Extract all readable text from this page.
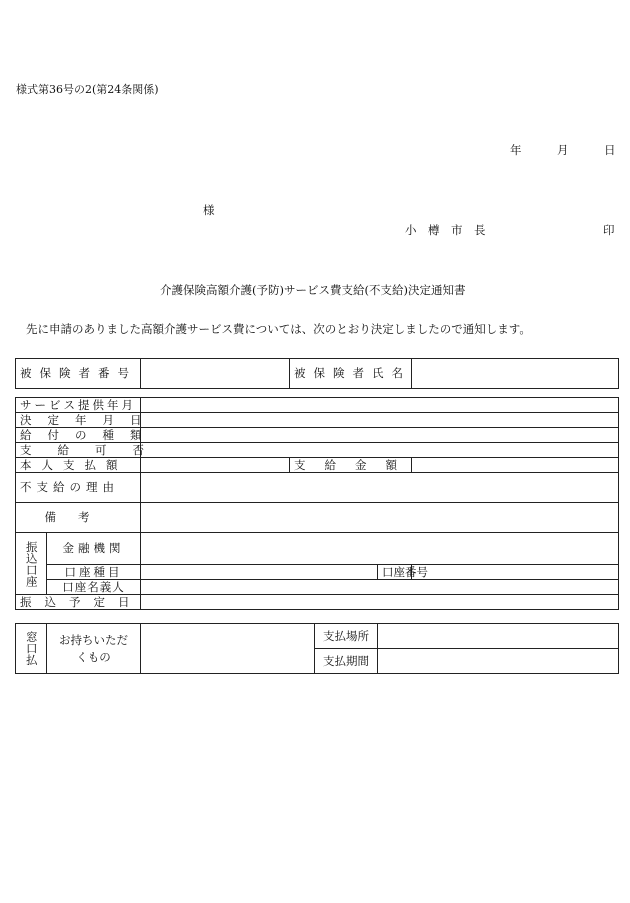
様式第36号の2(第24条関係)
年	月	日
様
小　樽　市　長	印
介護保険高額介護(予防)サービス費支給(不支給)決定通知書
先に申請のありました高額介護サービス費については、次のとおり決定しましたので通知します。
被保険者番号		被保険者氏名

サービス提供年月					
決定年月日					
給付の種類					
支給可否					
本人支払額			支給金額		
不支給の理由					
備考					

振込口座	金融機関				
	口座種目			口座番号	
	口座名義人				
振込予定日					
窓口払	お持ちいただくもの		支払場所	
			支払期間	
